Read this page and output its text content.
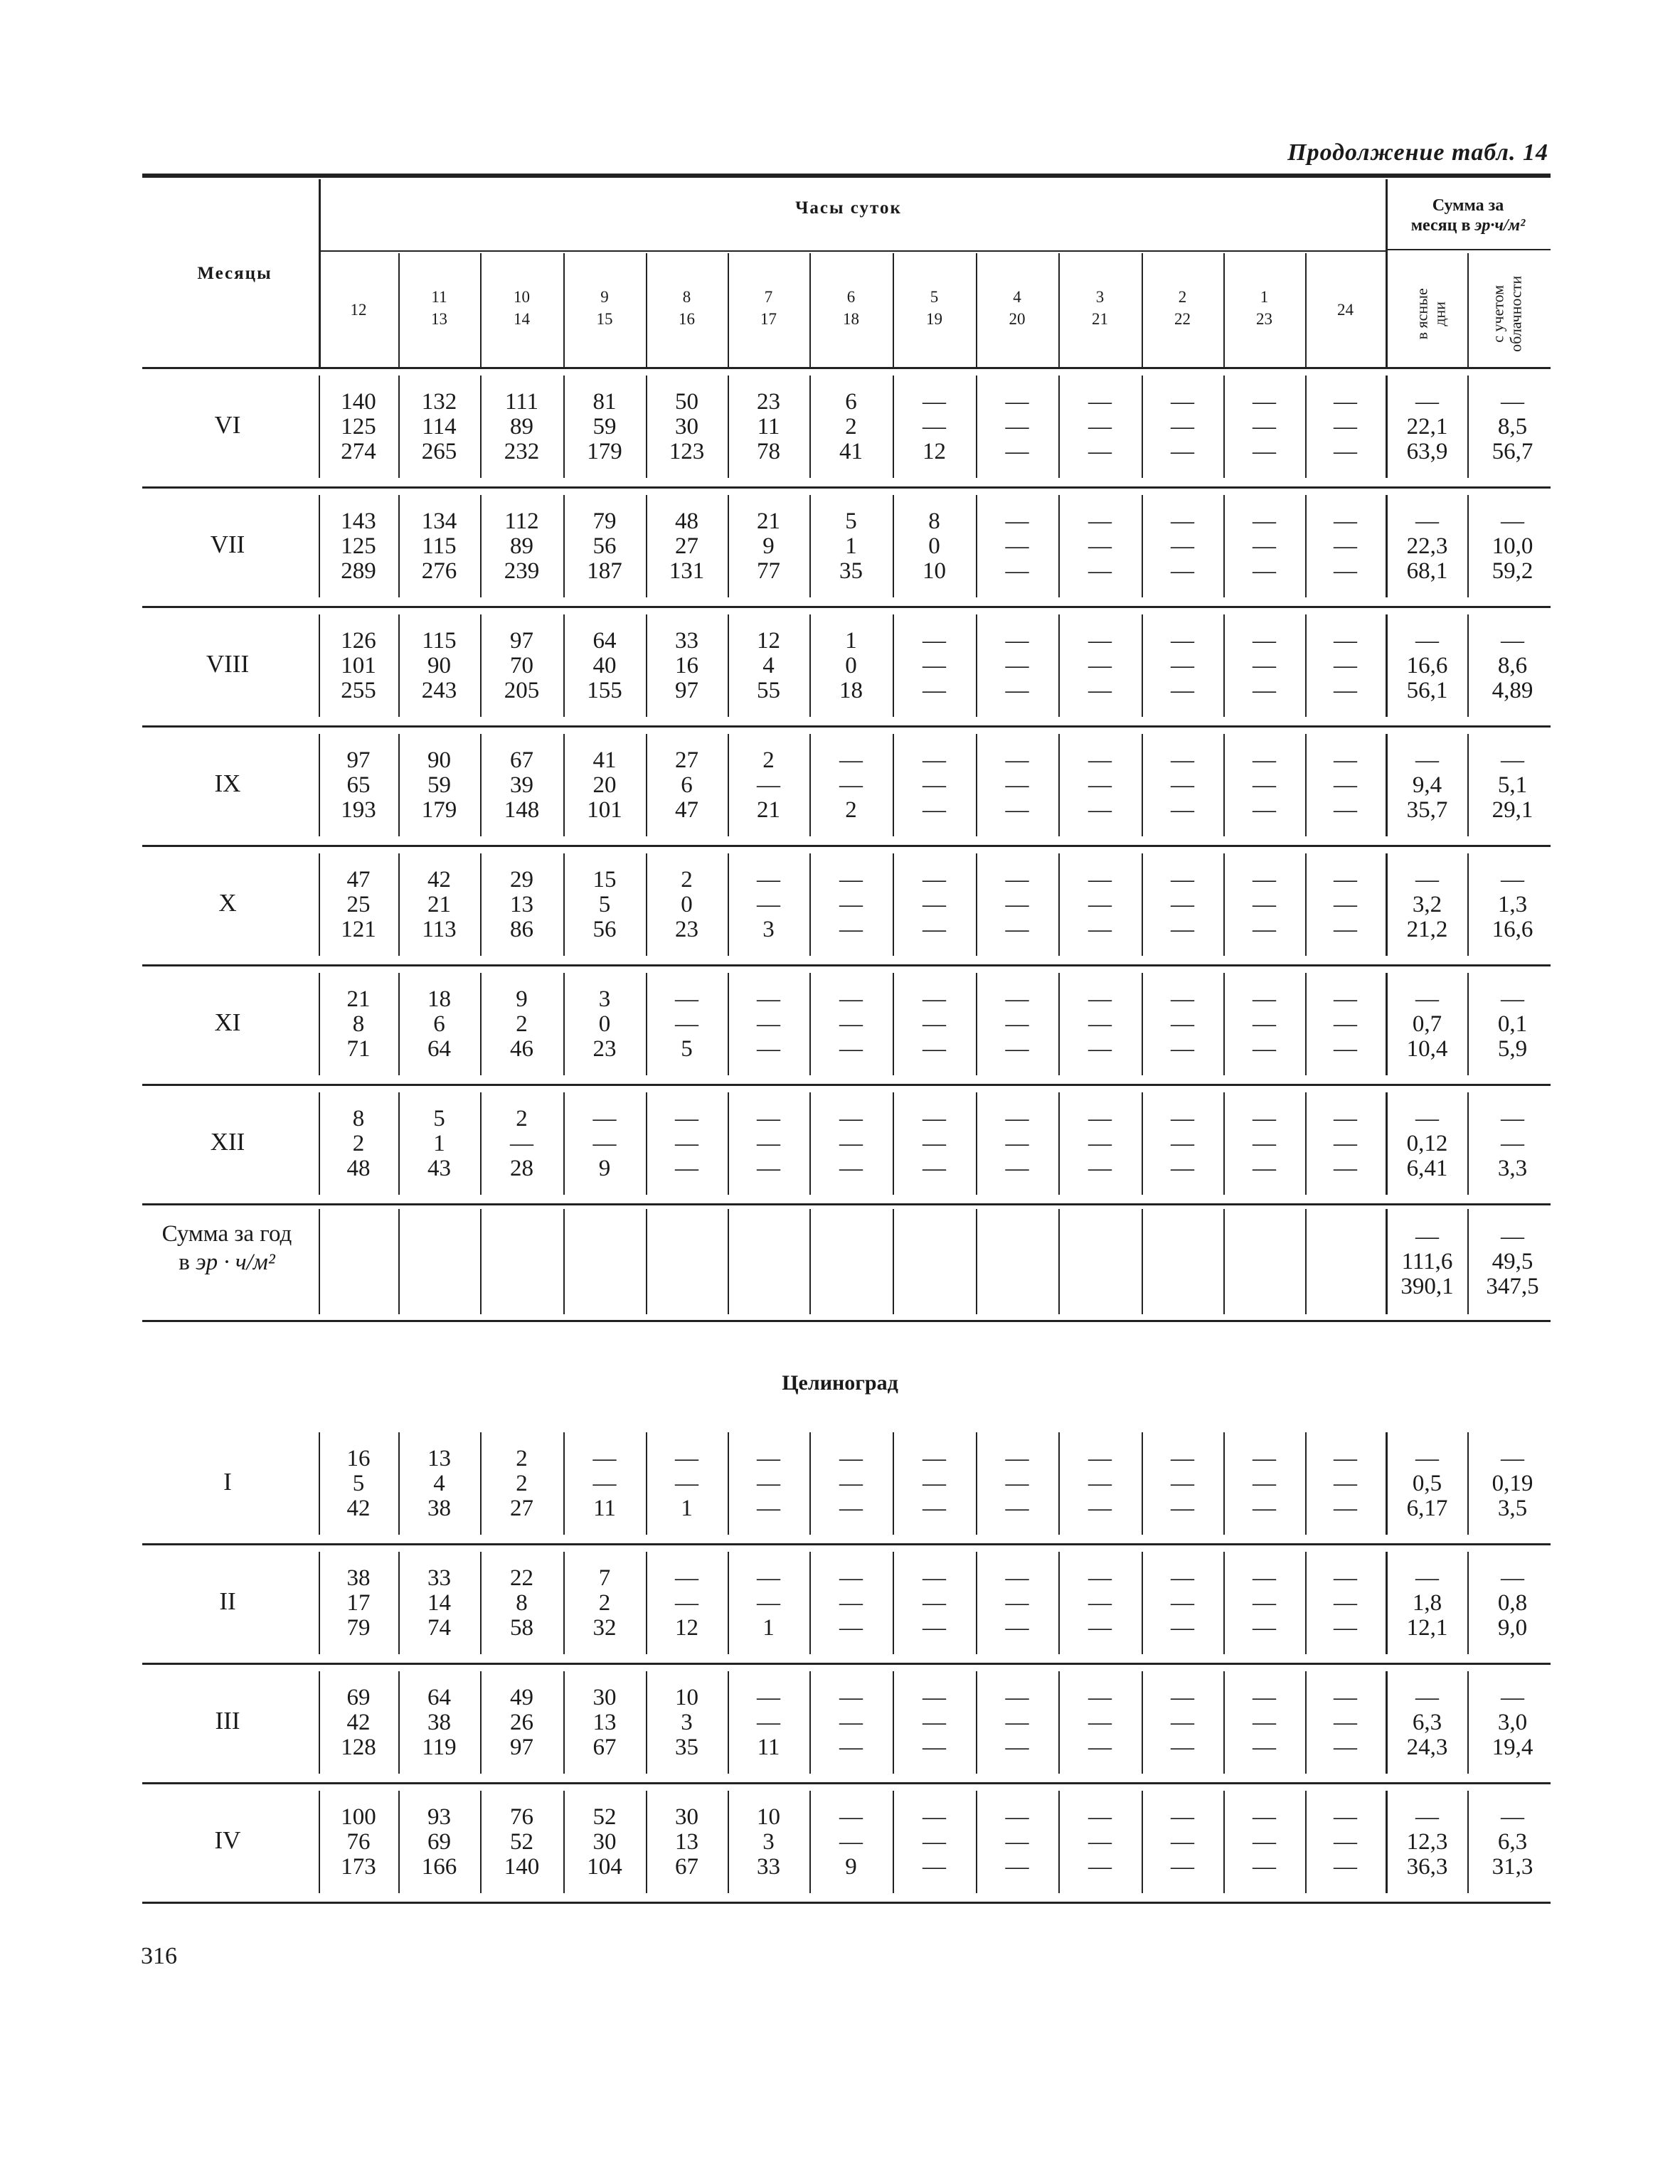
Продолжение табл. 14
Месяцы
Часы суток	Сумма за
месяц в эр·ч/м²
в ясные дни	с учетом облачности
Сумма за год
в эр · ч/м²
Целиноград
316
12
11
13
10
14
9
15
8
16
7
17
6
18
5
19
4
20
3
21
2
22
1
23
24
VI
140
125
274
132
114
265
111
89
232
81
59
179
50
30
123
23
11
78
6
2
41
—
—
12
—
—
—
—
—
—
—
—
—
—
—
—
—
—
—
—
22,1
63,9
—
8,5
56,7
VII
143
125
289
134
115
276
112
89
239
79
56
187
48
27
131
21
9
77
5
1
35
8
0
10
—
—
—
—
—
—
—
—
—
—
—
—
—
—
—
—
22,3
68,1
—
10,0
59,2
VIII
126
101
255
115
90
243
97
70
205
64
40
155
33
16
97
12
4
55
1
0
18
—
—
—
—
—
—
—
—
—
—
—
—
—
—
—
—
—
—
—
16,6
56,1
—
8,6
4,89
IX
97
65
193
90
59
179
67
39
148
41
20
101
27
6
47
2
—
21
—
—
2
—
—
—
—
—
—
—
—
—
—
—
—
—
—
—
—
—
—
—
9,4
35,7
—
5,1
29,1
X
47
25
121
42
21
113
29
13
86
15
5
56
2
0
23
—
—
3
—
—
—
—
—
—
—
—
—
—
—
—
—
—
—
—
—
—
—
—
—
—
3,2
21,2
—
1,3
16,6
XI
21
8
71
18
6
64
9
2
46
3
0
23
—
—
5
—
—
—
—
—
—
—
—
—
—
—
—
—
—
—
—
—
—
—
—
—
—
—
—
—
0,7
10,4
—
0,1
5,9
XII
8
2
48
5
1
43
2
—
28
—
—
9
—
—
—
—
—
—
—
—
—
—
—
—
—
—
—
—
—
—
—
—
—
—
—
—
—
—
—
—
0,12
6,41
—
—
3,3
—
111,6
390,1
—
49,5
347,5
I
16
5
42
13
4
38
2
2
27
—
—
11
—
—
1
—
—
—
—
—
—
—
—
—
—
—
—
—
—
—
—
—
—
—
—
—
—
—
—
—
0,5
6,17
—
0,19
3,5
II
38
17
79
33
14
74
22
8
58
7
2
32
—
—
12
—
—
1
—
—
—
—
—
—
—
—
—
—
—
—
—
—
—
—
—
—
—
—
—
—
1,8
12,1
—
0,8
9,0
III
69
42
128
64
38
119
49
26
97
30
13
67
10
3
35
—
—
11
—
—
—
—
—
—
—
—
—
—
—
—
—
—
—
—
—
—
—
—
—
—
6,3
24,3
—
3,0
19,4
IV
100
76
173
93
69
166
76
52
140
52
30
104
30
13
67
10
3
33
—
—
9
—
—
—
—
—
—
—
—
—
—
—
—
—
—
—
—
—
—
—
12,3
36,3
—
6,3
31,3
